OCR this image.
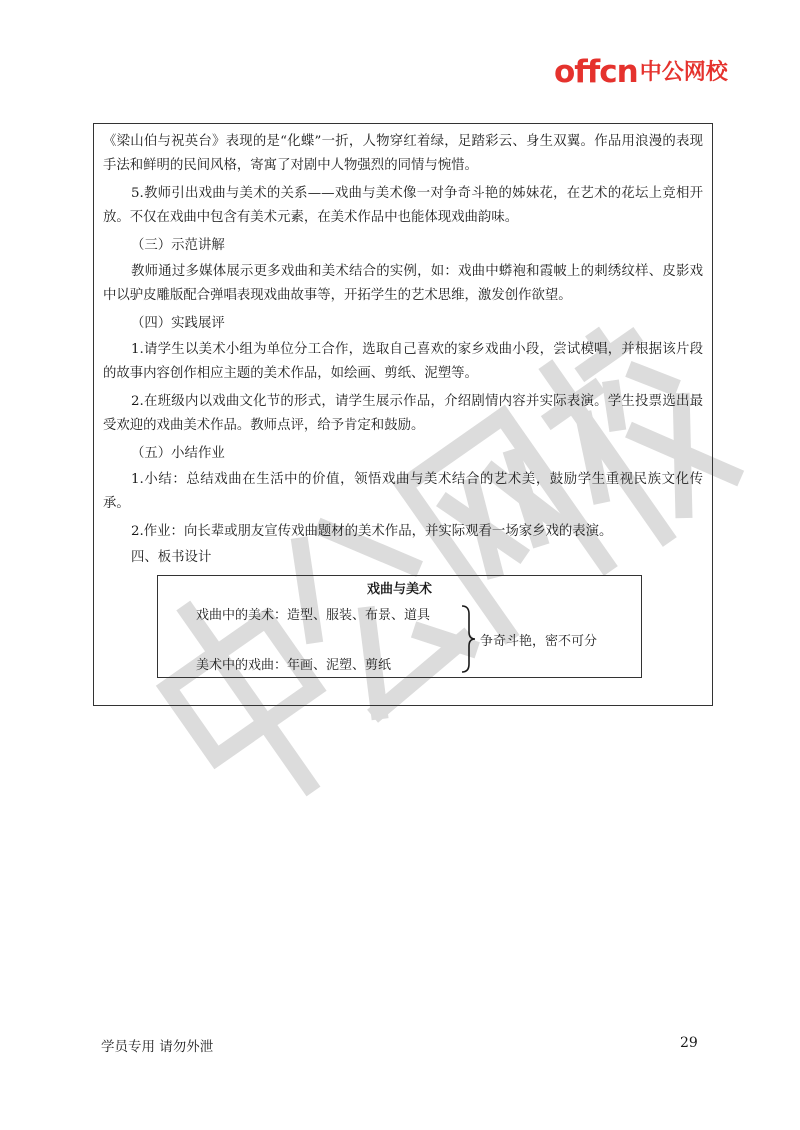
offcn 中公网校

《梁山伯与祝英台》表现的是“化蝶”一折，人物穿红着绿，足踏彩云、身生双翼。作品用浪漫的表现手法和鲜明的民间风格，寄寓了对剧中人物强烈的同情与惋惜。

5.教师引出戏曲与美术的关系——戏曲与美术像一对争奇斗艳的姊妹花，在艺术的花坛上竞相开放。不仅在戏曲中包含有美术元素，在美术作品中也能体现戏曲韵味。

（三）示范讲解

教师通过多媒体展示更多戏曲和美术结合的实例，如：戏曲中蟒袍和霞帔上的刺绣纹样、皮影戏中以驴皮雕版配合弹唱表现戏曲故事等，开拓学生的艺术思维，激发创作欲望。

（四）实践展评

1.请学生以美术小组为单位分工合作，选取自己喜欢的家乡戏曲小段，尝试模唱，并根据该片段的故事内容创作相应主题的美术作品，如绘画、剪纸、泥塑等。

2.在班级内以戏曲文化节的形式，请学生展示作品，介绍剧情内容并实际表演。学生投票选出最受欢迎的戏曲美术作品。教师点评，给予肯定和鼓励。

（五）小结作业

1.小结：总结戏曲在生活中的价值，领悟戏曲与美术结合的艺术美，鼓励学生重视民族文化传承。

2.作业：向长辈或朋友宣传戏曲题材的美术作品，并实际观看一场家乡戏的表演。

四、板书设计

戏曲与美术
戏曲中的美术：造型、服装、布景、道具
美术中的戏曲：年画、泥塑、剪纸
争奇斗艳，密不可分
学员专用 请勿外泄	29
